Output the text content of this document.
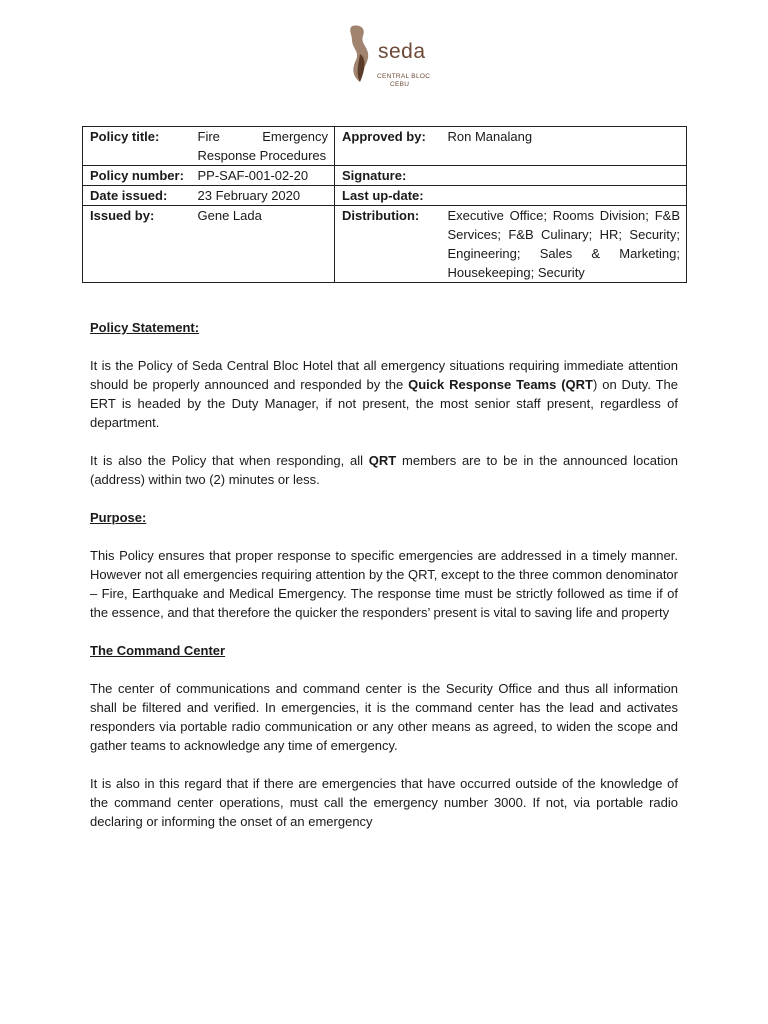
seda
CENTRAL BLOC
CEBU
Policy title:	Fire Emergency Response Procedures	Approved by:	Ron Manalang
Policy number:	PP-SAF-001-02-20	Signature:	
Date issued:	23 February 2020	Last up-date:	
Issued by:	Gene Lada	Distribution:	Executive Office; Rooms Division; F&B Services; F&B Culinary; HR; Security; Engineering; Sales & Marketing; Housekeeping; Security
Policy Statement:

It is the Policy of Seda Central Bloc Hotel that all emergency situations requiring immediate attention should be properly announced and responded by the Quick Response Teams (QRT) on Duty. The ERT is headed by the Duty Manager, if not present, the most senior staff present, regardless of department.

It is also the Policy that when responding, all QRT members are to be in the announced location (address) within two (2) minutes or less.

Purpose:

This Policy ensures that proper response to specific emergencies are addressed in a timely manner. However not all emergencies requiring attention by the QRT, except to the three common denominator – Fire, Earthquake and Medical Emergency. The response time must be strictly followed as time if of the essence, and that therefore the quicker the responders’ present is vital to saving life and property

The Command Center

The center of communications and command center is the Security Office and thus all information shall be filtered and verified. In emergencies, it is the command center has the lead and activates responders via portable radio communication or any other means as agreed, to widen the scope and gather teams to acknowledge any time of emergency.

It is also in this regard that if there are emergencies that have occurred outside of the knowledge of the command center operations, must call the emergency number 3000. If not, via portable radio declaring or informing the onset of an emergency
